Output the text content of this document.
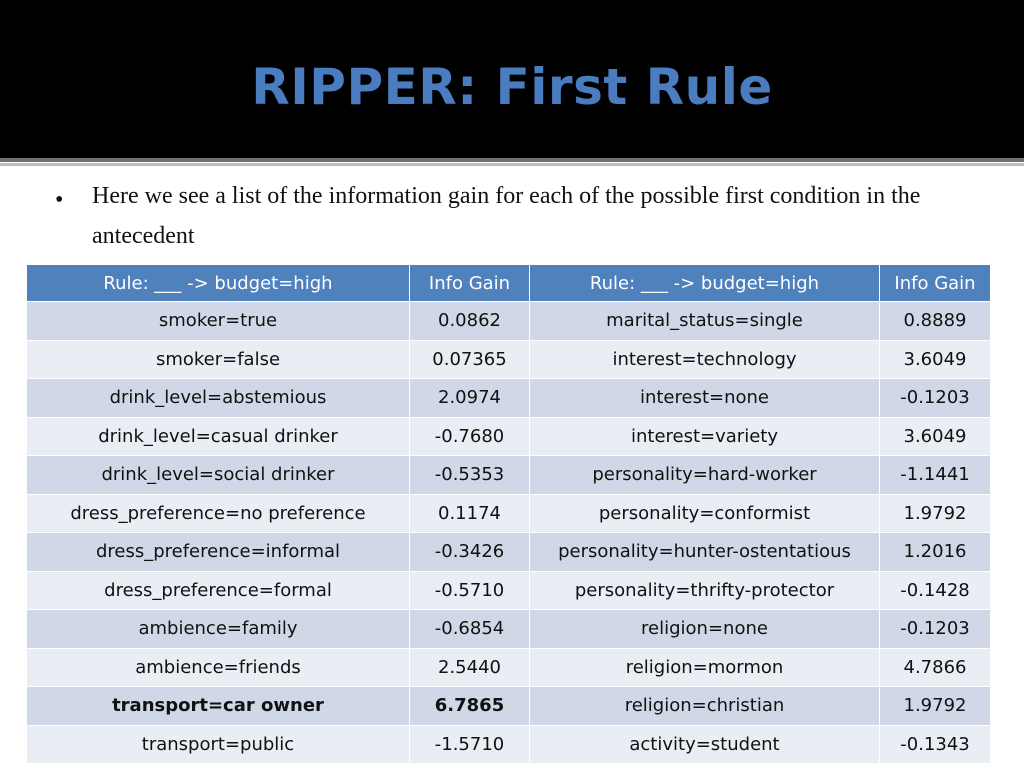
RIPPER: First Rule
• Here we see a list of the information gain for each of the possible first condition in the antecedent
Rule: ___ -> budget=high	Info Gain	Rule: ___ -> budget=high	Info Gain
smoker=true	0.0862	marital_status=single	0.8889
smoker=false	0.07365	interest=technology	3.6049
drink_level=abstemious	2.0974	interest=none	-0.1203
drink_level=casual drinker	-0.7680	interest=variety	3.6049
drink_level=social drinker	-0.5353	personality=hard-worker	-1.1441
dress_preference=no preference	0.1174	personality=conformist	1.9792
dress_preference=informal	-0.3426	personality=hunter-ostentatious	1.2016
dress_preference=formal	-0.5710	personality=thrifty-protector	-0.1428
ambience=family	-0.6854	religion=none	-0.1203
ambience=friends	2.5440	religion=mormon	4.7866
transport=car owner	6.7865	religion=christian	1.9792
transport=public	-1.5710	activity=student	-0.1343
